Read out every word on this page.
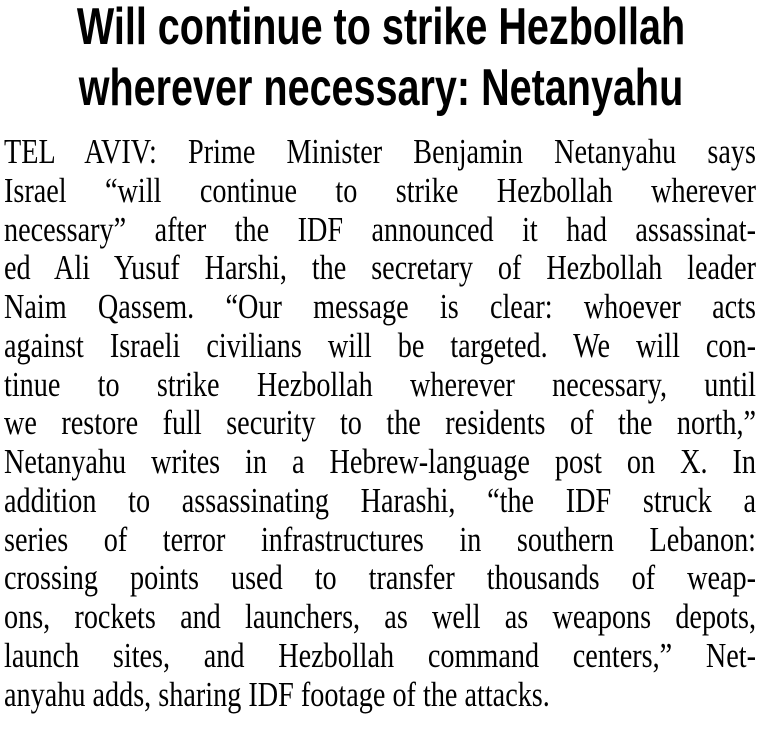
Will continue to strike Hezbollah
wherever necessary: Netanyahu
TEL AVIV: Prime Minister Benjamin Netanyahu says
Israel “will continue to strike Hezbollah wherever
necessary” after the IDF announced it had assassinat-
ed Ali Yusuf Harshi, the secretary of Hezbollah leader
Naim Qassem. “Our message is clear: whoever acts
against Israeli civilians will be targeted. We will con-
tinue to strike Hezbollah wherever necessary, until
we restore full security to the residents of the north,”
Netanyahu writes in a Hebrew-language post on X. In
addition to assassinating Harashi, “the IDF struck a
series of terror infrastructures in southern Lebanon:
crossing points used to transfer thousands of weap-
ons, rockets and launchers, as well as weapons depots,
launch sites, and Hezbollah command centers,” Net-
anyahu adds, sharing IDF footage of the attacks.
